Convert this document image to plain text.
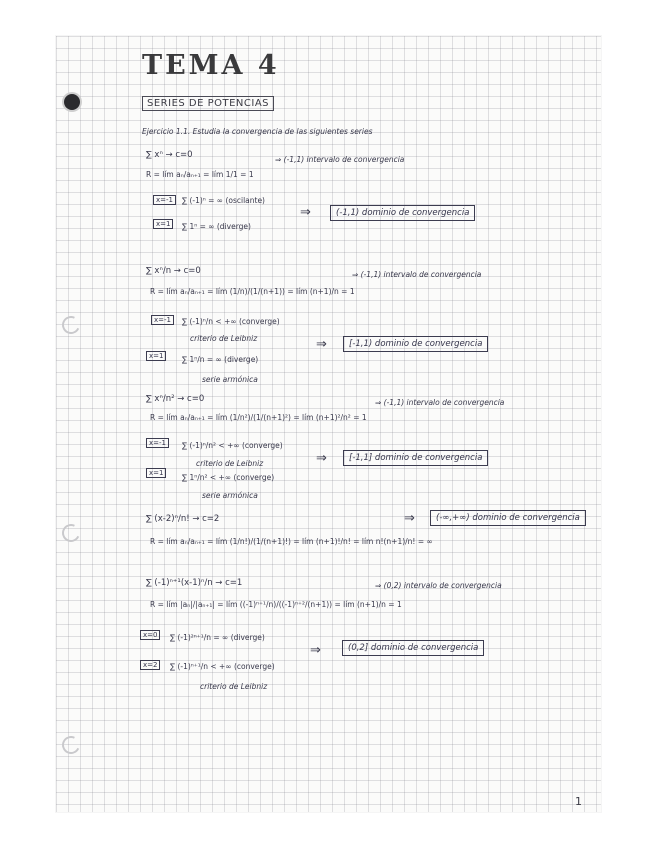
TEMA 4
SERIES DE POTENCIAS
Ejercicio 1.1. Estudia la convergencia de las siguientes series
∑ xⁿ → c=0
R = lím aₙ/aₙ₊₁ = lím 1/1 = 1
⇒ (-1,1) intervalo de convergencia
x=-1	∑ (-1)ⁿ = ∞ (oscilante)
x=1	∑ 1ⁿ = ∞ (diverge)
⇒	(-1,1) dominio de convergencia
∑ xⁿ/n → c=0
R = lím aₙ/aₙ₊₁ = lím (1/n)/(1/(n+1)) = lím (n+1)/n = 1
⇒ (-1,1) intervalo de convergencia
x=-1	∑ (-1)ⁿ/n < +∞ (converge)
criterio de Leibniz
x=1	∑ 1ⁿ/n = ∞ (diverge)
serie armónica
⇒	[-1,1) dominio de convergencia
∑ xⁿ/n² → c=0
R = lím aₙ/aₙ₊₁ = lím (1/n²)/(1/(n+1)²) = lím (n+1)²/n² = 1
⇒ (-1,1) intervalo de convergencia
x=-1	∑ (-1)ⁿ/n² < +∞ (converge)
criterio de Leibniz
x=1	∑ 1ⁿ/n² < +∞ (converge)
serie armónica
⇒	[-1,1] dominio de convergencia
∑ (x-2)ⁿ/n! → c=2
R = lím aₙ/aₙ₊₁ = lím (1/n!)/(1/(n+1)!) = lím (n+1)!/n! = lím n!(n+1)/n! = ∞
⇒	(-∞,+∞) dominio de convergencia
∑ (-1)ⁿ⁺¹(x-1)ⁿ/n → c=1
R = lím |aₙ|/|aₙ₊₁| = lím ((-1)ⁿ⁺¹/n)/((-1)ⁿ⁺²/(n+1)) = lím (n+1)/n = 1
⇒ (0,2) intervalo de convergencia
x=0	∑ (-1)²ⁿ⁺¹/n = ∞ (diverge)
x=2	∑ (-1)ⁿ⁺¹/n < +∞ (converge)
criterio de Leibniz
⇒	(0,2] dominio de convergencia
1
